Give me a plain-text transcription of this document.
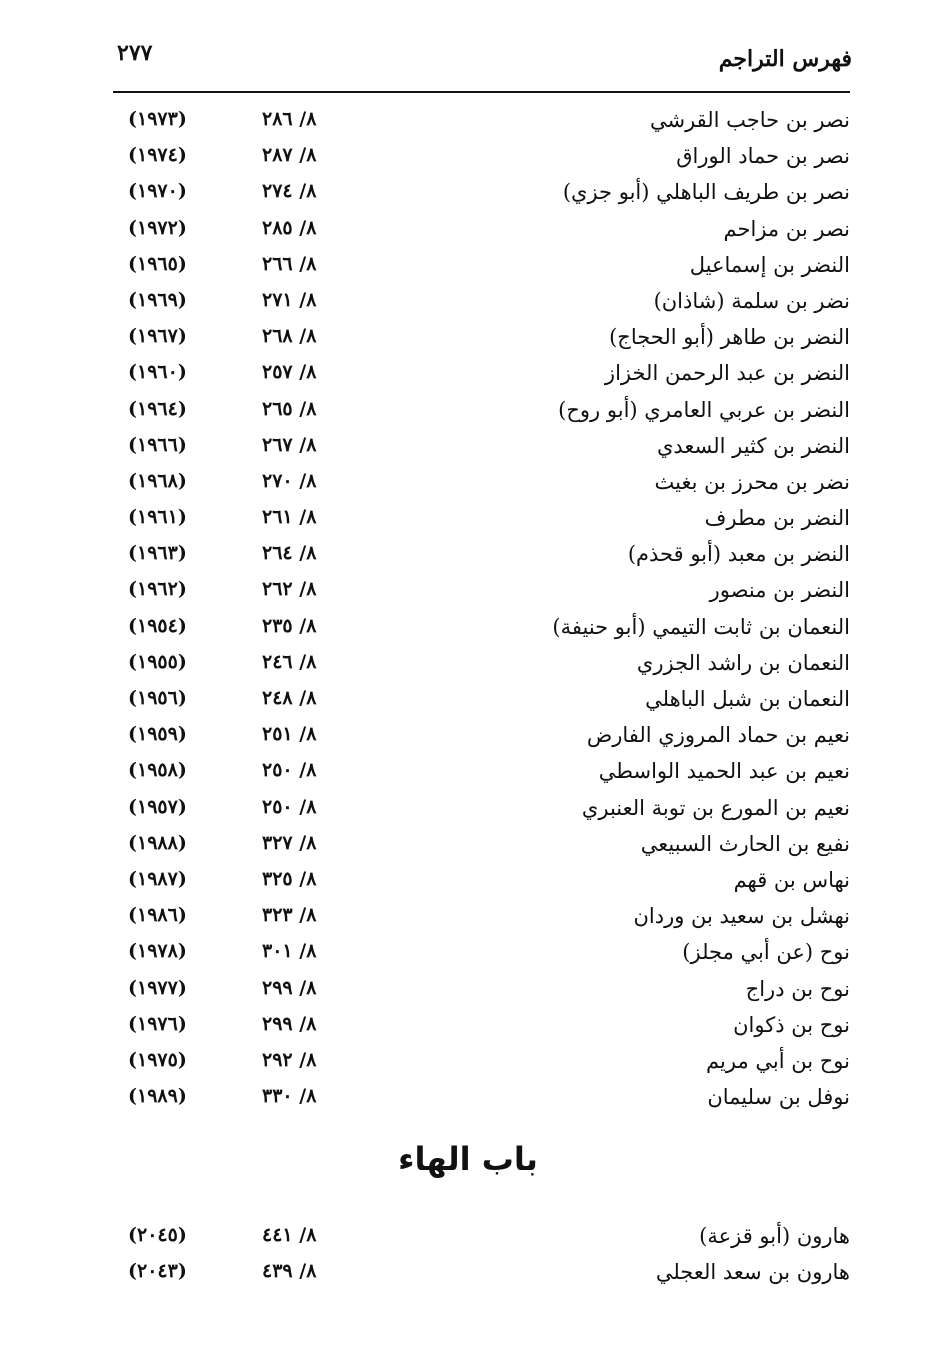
فهرس التراجم
٢٧٧
نصر بن حاجب القرشي
٨/ ٢٨٦
(١٩٧٣)
نصر بن حماد الوراق
٨/ ٢٨٧
(١٩٧٤)
نصر بن طريف الباهلي (أبو جزي)
٨/ ٢٧٤
(١٩٧٠)
نصر بن مزاحم
٨/ ٢٨٥
(١٩٧٢)
النضر بن إسماعيل
٨/ ٢٦٦
(١٩٦٥)
نضر بن سلمة (شاذان)
٨/ ٢٧١
(١٩٦٩)
النضر بن طاهر (أبو الحجاج)
٨/ ٢٦٨
(١٩٦٧)
النضر بن عبد الرحمن الخزاز
٨/ ٢٥٧
(١٩٦٠)
النضر بن عربي العامري (أبو روح)
٨/ ٢٦٥
(١٩٦٤)
النضر بن كثير السعدي
٨/ ٢٦٧
(١٩٦٦)
نضر بن محرز بن بغيث
٨/ ٢٧٠
(١٩٦٨)
النضر بن مطرف
٨/ ٢٦١
(١٩٦١)
النضر بن معبد (أبو قحذم)
٨/ ٢٦٤
(١٩٦٣)
النضر بن منصور
٨/ ٢٦٢
(١٩٦٢)
النعمان بن ثابت التيمي (أبو حنيفة)
٨/ ٢٣٥
(١٩٥٤)
النعمان بن راشد الجزري
٨/ ٢٤٦
(١٩٥٥)
النعمان بن شبل الباهلي
٨/ ٢٤٨
(١٩٥٦)
نعيم بن حماد المروزي الفارض
٨/ ٢٥١
(١٩٥٩)
نعيم بن عبد الحميد الواسطي
٨/ ٢٥٠
(١٩٥٨)
نعيم بن المورع بن توبة العنبري
٨/ ٢٥٠
(١٩٥٧)
نفيع بن الحارث السبيعي
٨/ ٣٢٧
(١٩٨٨)
نهاس بن قهم
٨/ ٣٢٥
(١٩٨٧)
نهشل بن سعيد بن وردان
٨/ ٣٢٣
(١٩٨٦)
نوح (عن أبي مجلز)
٨/ ٣٠١
(١٩٧٨)
نوح بن دراج
٨/ ٢٩٩
(١٩٧٧)
نوح بن ذكوان
٨/ ٢٩٩
(١٩٧٦)
نوح بن أبي مريم
٨/ ٢٩٢
(١٩٧٥)
نوفل بن سليمان
٨/ ٣٣٠
(١٩٨٩)
باب الهاء
هارون (أبو قزعة)
٨/ ٤٤١
(٢٠٤٥)
هارون بن سعد العجلي
٨/ ٤٣٩
(٢٠٤٣)
